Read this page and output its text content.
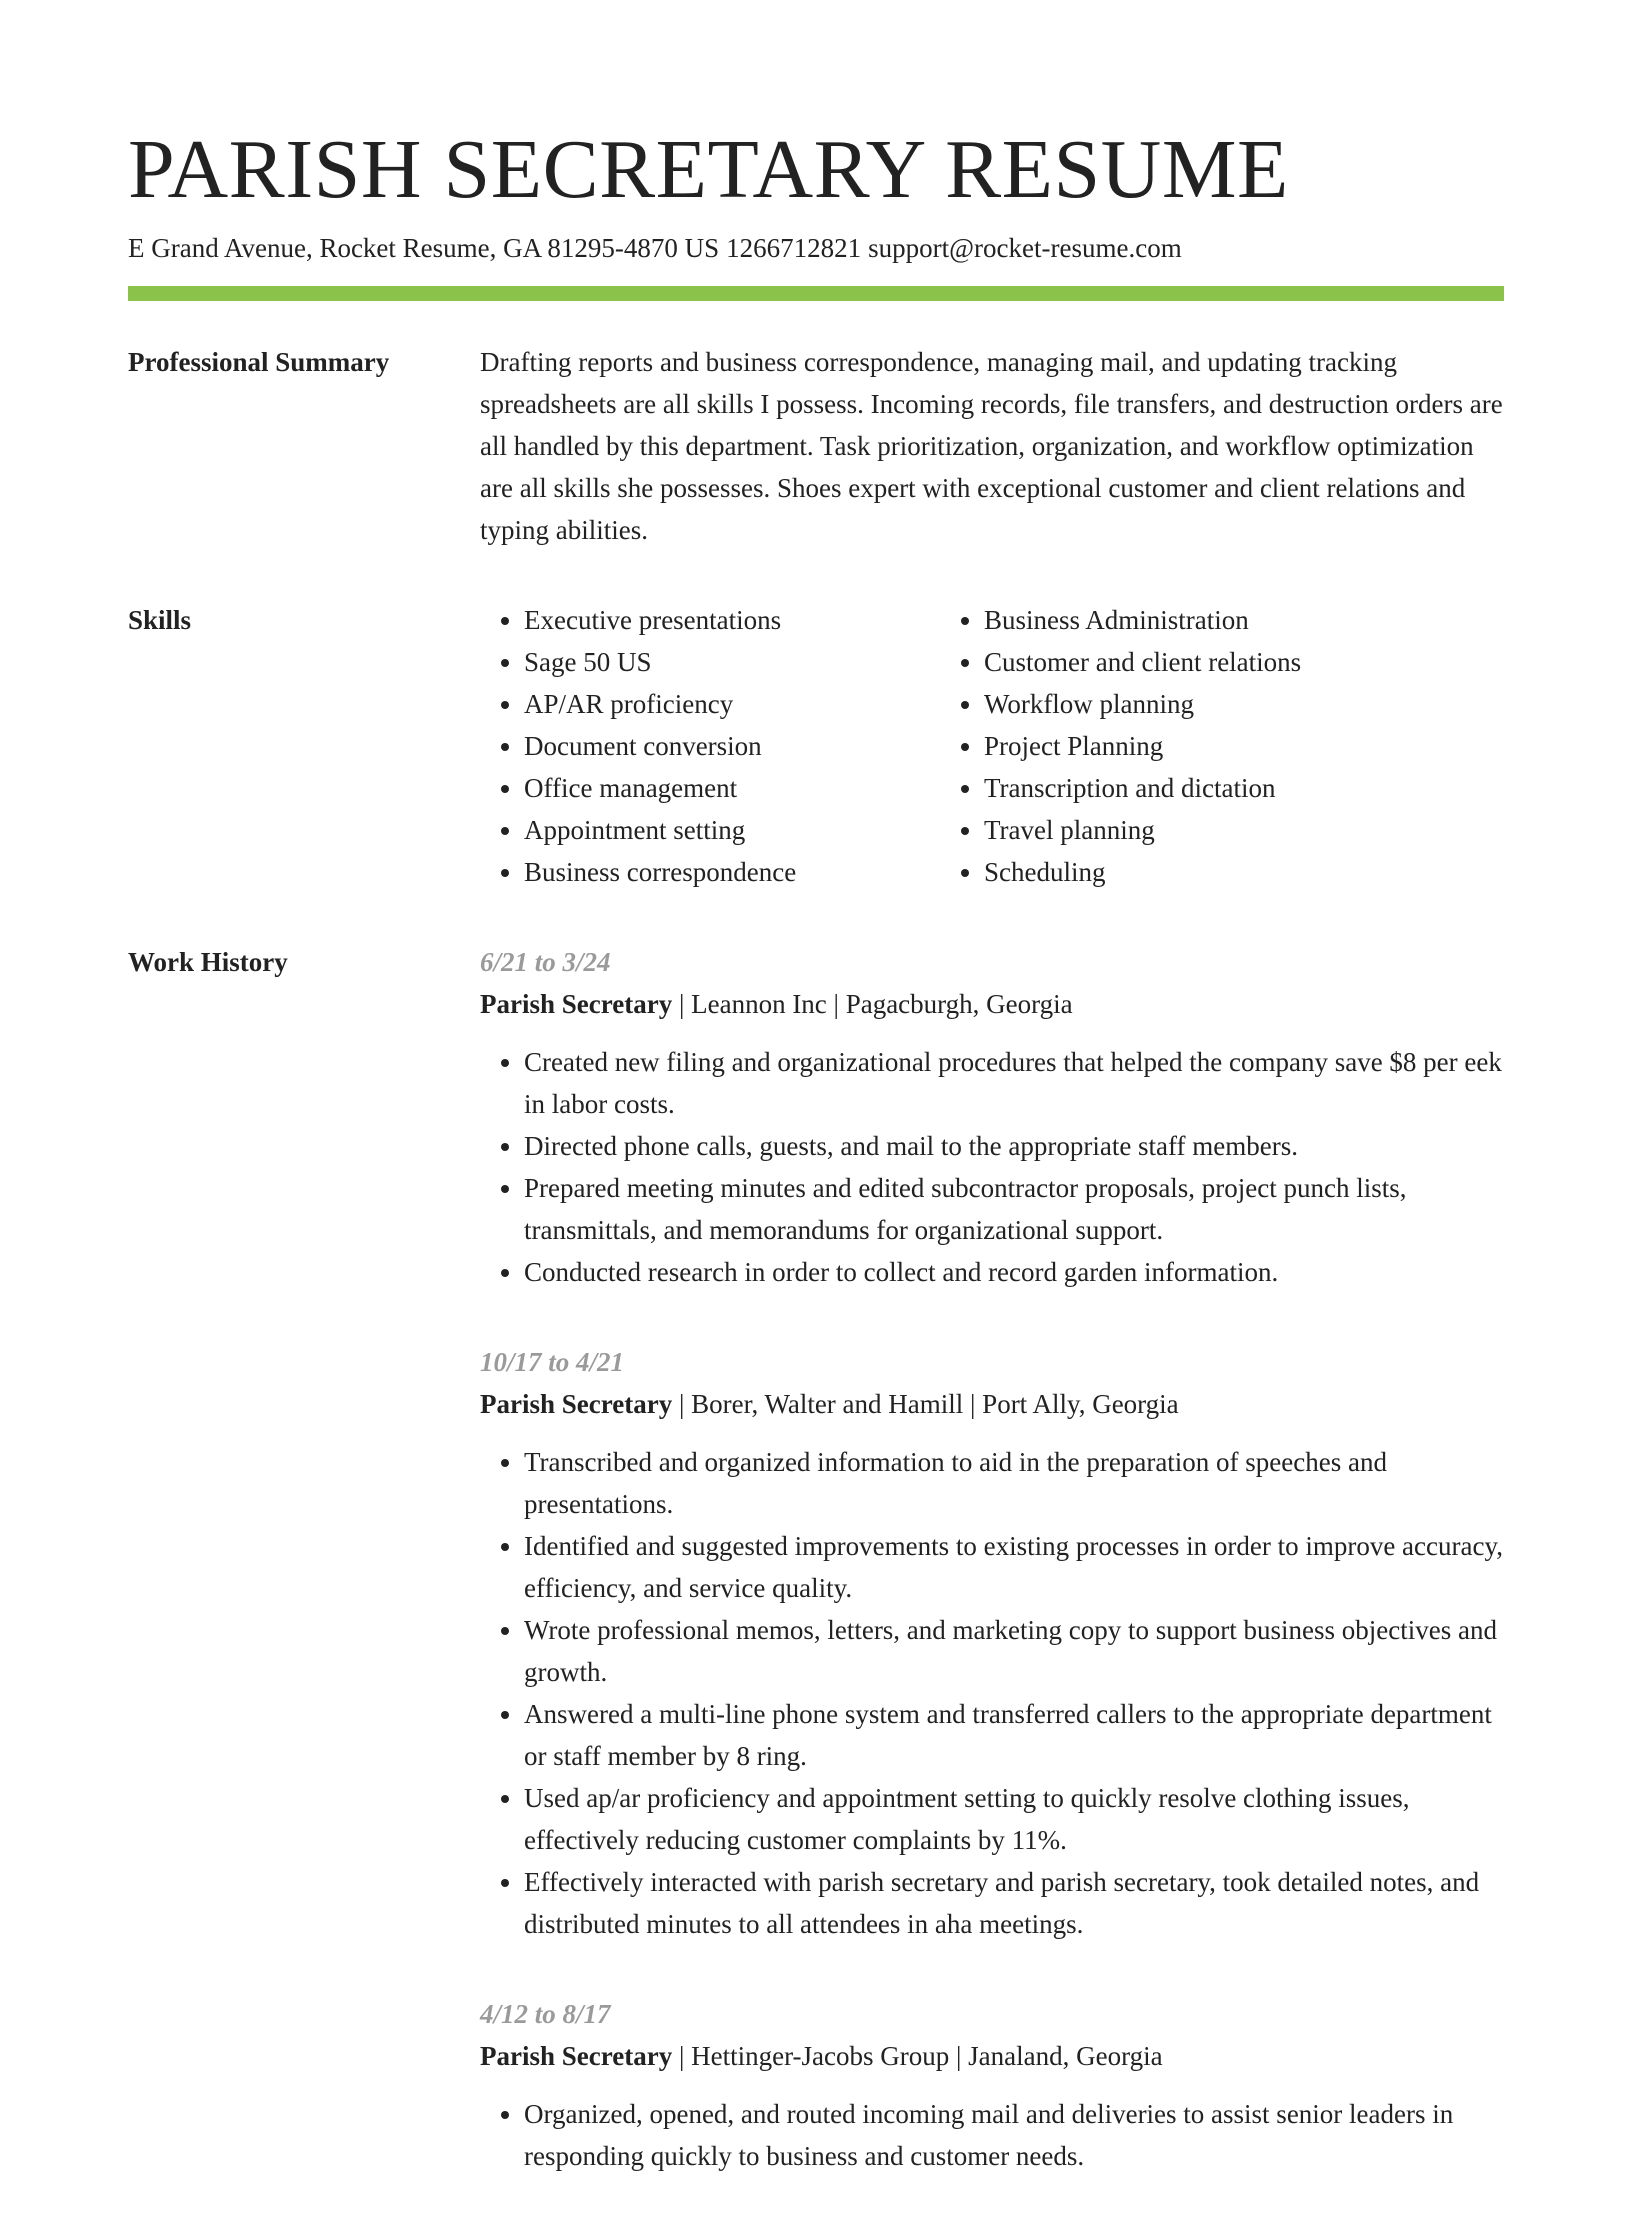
PARISH SECRETARY RESUME
E Grand Avenue, Rocket Resume, GA 81295-4870 US 1266712821 support@rocket-resume.com
Professional Summary	Drafting reports and business correspondence, managing mail, and updating tracking spreadsheets are all skills I possess. Incoming records, file transfers, and destruction orders are all handled by this department. Task prioritization, organization, and workflow optimization are all skills she possesses. Shoes expert with exceptional customer and client relations and typing abilities.

Skills
•	Executive presentations
• Sage 50 US
• AP/AR proficiency
• Document conversion
• Office management
• Appointment setting
• Business correspondence
• Business Administration
• Customer and client relations
• Workflow planning
• Project Planning
• Transcription and dictation
• Travel planning
• Scheduling
Work History	6/21 to 3/24
Parish Secretary | Leannon Inc | Pagacburgh, Georgia
• Created new filing and organizational procedures that helped the company save $8 per eek in labor costs.
• Directed phone calls, guests, and mail to the appropriate staff members.
• Prepared meeting minutes and edited subcontractor proposals, project punch lists, transmittals, and memorandums for organizational support.
• Conducted research in order to collect and record garden information.
10/17 to 4/21
Parish Secretary | Borer, Walter and Hamill | Port Ally, Georgia
• Transcribed and organized information to aid in the preparation of speeches and presentations.
• Identified and suggested improvements to existing processes in order to improve accuracy, efficiency, and service quality.
• Wrote professional memos, letters, and marketing copy to support business objectives and growth.
• Answered a multi-line phone system and transferred callers to the appropriate department or staff member by 8 ring.
• Used ap/ar proficiency and appointment setting to quickly resolve clothing issues, effectively reducing customer complaints by 11%.
• Effectively interacted with parish secretary and parish secretary, took detailed notes, and distributed minutes to all attendees in aha meetings.
4/12 to 8/17
Parish Secretary | Hettinger-Jacobs Group | Janaland, Georgia
• Organized, opened, and routed incoming mail and deliveries to assist senior leaders in responding quickly to business and customer needs.
